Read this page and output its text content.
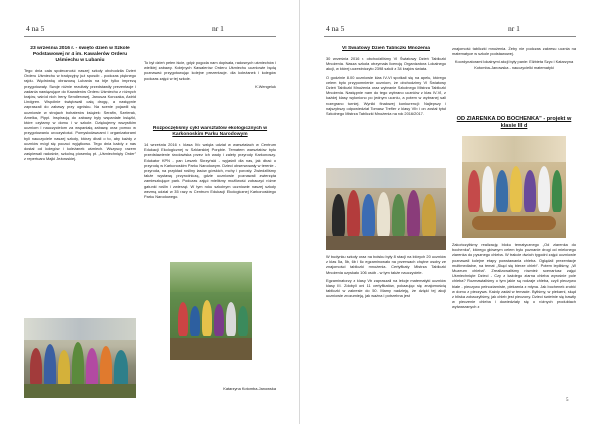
4 na 5	nr 1
23 września 2016 r. - święto dzień w Szkole Podstawowej nr 4 im. Kawalerów Orderu Uśmiechu w Lubaniu

Tego dnia cała społeczność naszej szkoły obchodziła Dzień Orderu Uśmiechu w tradycyjny już sposób - podczas pięknego rajdu. Wędrówkę obrazową Lubania na bije tylko imprezą przygotowały. Swoje różnie rezultaty przedstawiły prezentacje i zadania nawiązujące do Kawalerów Orderu Uśmiechu z różnych krajów, wśród nich Ireny Sendlerowej, Janusza Korczaka, Astrid Lindgren. Wspólnie świętowali całą drogę, a następnie zapraszali do zabawy przy ognisku. Na scenie pojawili się uczniowie w strojach bohaterów książek: Serafin, Szelerak, Amelka, Pippi. Inspiracją do zabawy były wspaniałe książki, które czytamy w domu i w szkole. Dziękujemy wszystkim uczniom i nauczycielom za wspaniałą zabawę oraz pomoc w przygotowaniu uroczystości. Pomysłodawcami i organizatorami byli nauczyciele naszej szkoły, którzy dbali o to, aby każdy z uczniów mógł się poczuć wyjątkowo. Tego dnia każdy z nas dostał od kolegów i koleżanek uśmiech. Wszyscy razem zaśpiewali radośnie, szkolną piosenkę pt. „Uśmiechnięty Order” z repertuaru Majki Jeżowskiej.

To był dzień pełen iście, gdyż pogoda nam dopisała, radosnych uśmiechów i wielkiej zabawy. Kolejnych Kawalerów Orderu Uśmiechu uczniowie będą poznawać przygotowując kolejne prezentacje. dla koleżanek i kolegów podczas zajęć w tej szkole.

K.Wengeluk
Rozpoczęliśmy cykl warsztatów ekologicznych w Karkonoskim Parku Narodowym

14 września 2016 r. klasa IVc wzięła udział w warsztatach w Centrum Edukacji Ekologicznej w Szklarskiej Porębie. Tematem warsztatów było przedstawienie środowiska przez ich wady i zalety przyrody Karkonoszy. Edukator KPN - pan Leszek Skrzyński - wyjaśnił dla nas, jak dbać o przyrodę w Karkonoskim Parku Narodowym. Dzieci obserwowały w terenie - przyroda, na przykład rośliny lasów górskich, mchy i porosty. Zwiedziliśmy także wystawę przyrodniczą, gdzie uczniowie poznawali zwierzęta zamieszkujące park. Podczas zajęć mieliśmy możliwość zobaczyć różne gatunki roślin i zwierząt. W tym roku szkolnym uczniowie naszej szkoły wezmą udział w 35 razy w Centrum Edukacji Ekologicznej Karkonoskiego Parku Narodowego.

Katarzyna Kotomba-Janowska
4 na 5	nr 1
VI Światowy Dzień Tabliczki Mnożenia

30 września 2016 r. obchodziliśmy VI Światowy Dzień Tabliczki Mnożenia. Nasza szkoła otrzymała licencję Organizatora Lokalnego akcji, w której uczestniczyło 2398 szkół z 34 krajów świata.

O godzinie 8.00 uczniowie klas IV-VI spotkali się na apelu, którego celem było przypomnienie uczniom, że obchodzimy VI Światowy Dzień Tabliczki Mnożenia oraz wybranie Szkolnego Mistrza Tabliczki Mnożenia. Następnie nam do tego wybrano uczniów z klas IV-VI, z każdej klasy wyłoniono po jednym uczniu, a potem w wybranej sali rozegrano turniej. Wyniki finałowej konkurencji: Najlepszy i najszybszy odpowiedział Tomasz Trefler z klasy VIb i on został tytuł Szkolnego Mistrza Tabliczki Mnożenia na rok 2016/2017.

W budynku szkoły oraz na boisku były 8 stacji na których 20 uczniów z klas 5a, 5b, 6b i 6c egzaminowało na przerwach chętne osoby ze znajomości tabliczki mnożenia. Certyfikaty Mistrza Tabliczki Mnożenia uzyskało 106 osób - w tym także nauczyciele.

Egzaminatorzy z klasy Vb zapraszali na lekcje matematyki uczniów klasy III. Zdobyli oni 11 certyfikatów, pokazując się znajomością tabliczki w zakresie do 50. Mamy nadzieję, że dzięki tej akcji uczniowie zrozumieją, jak ważna i potrzebna jest

znajomość tabliczki mnożenia. Żeby nie podczas zakresu ucznia na matematyce w szkole podstawowej.

Koordynatorami lokalnymi akcji były panie: Elżbieta Szyc i Katarzyna Kotomba-Janowska - nauczycielki matematyki
OD ZIARENKA DO BOCHENKA" - projekt w klasie III d

Zakończyliśmy realizację bloku tematycznego „Od ziarenka do bochenka”, którego głównym celem było poznanie drogi od mielonego ziarenka do pysznego chleba. W trakcie dwóch tygodni zajęć uczniowie poznawali kolejne etapy powstawania chleba. Ogłądali prezentacje multimedialne, na temat „Skąd się bierze chleb”. Potem lepiliśmy, „W Muzeum chleba”. Zrealizowaliśmy również scenariusz zajęć Uśmiechnięte Dzieci - Czy z każdego ziarna chleba wyrośnie pole chleba? Rozmawialiśmy o tym jakie są rodzaje chleba, czyli pieczywo białe - pieczywo pełnoziarniste, piekarnia z młyna. Jak bochenek zrobić w domu z pieczywa. Każdy zadał w temacie. Byliśmy, w piekarni, skąd z bliska zobaczyliśmy, jak chleb jest pieczony. Dzieci świetnie się bawiły w pieczenie chleba i dowiedziały się o różnych produktach wytwarzanych z

5
